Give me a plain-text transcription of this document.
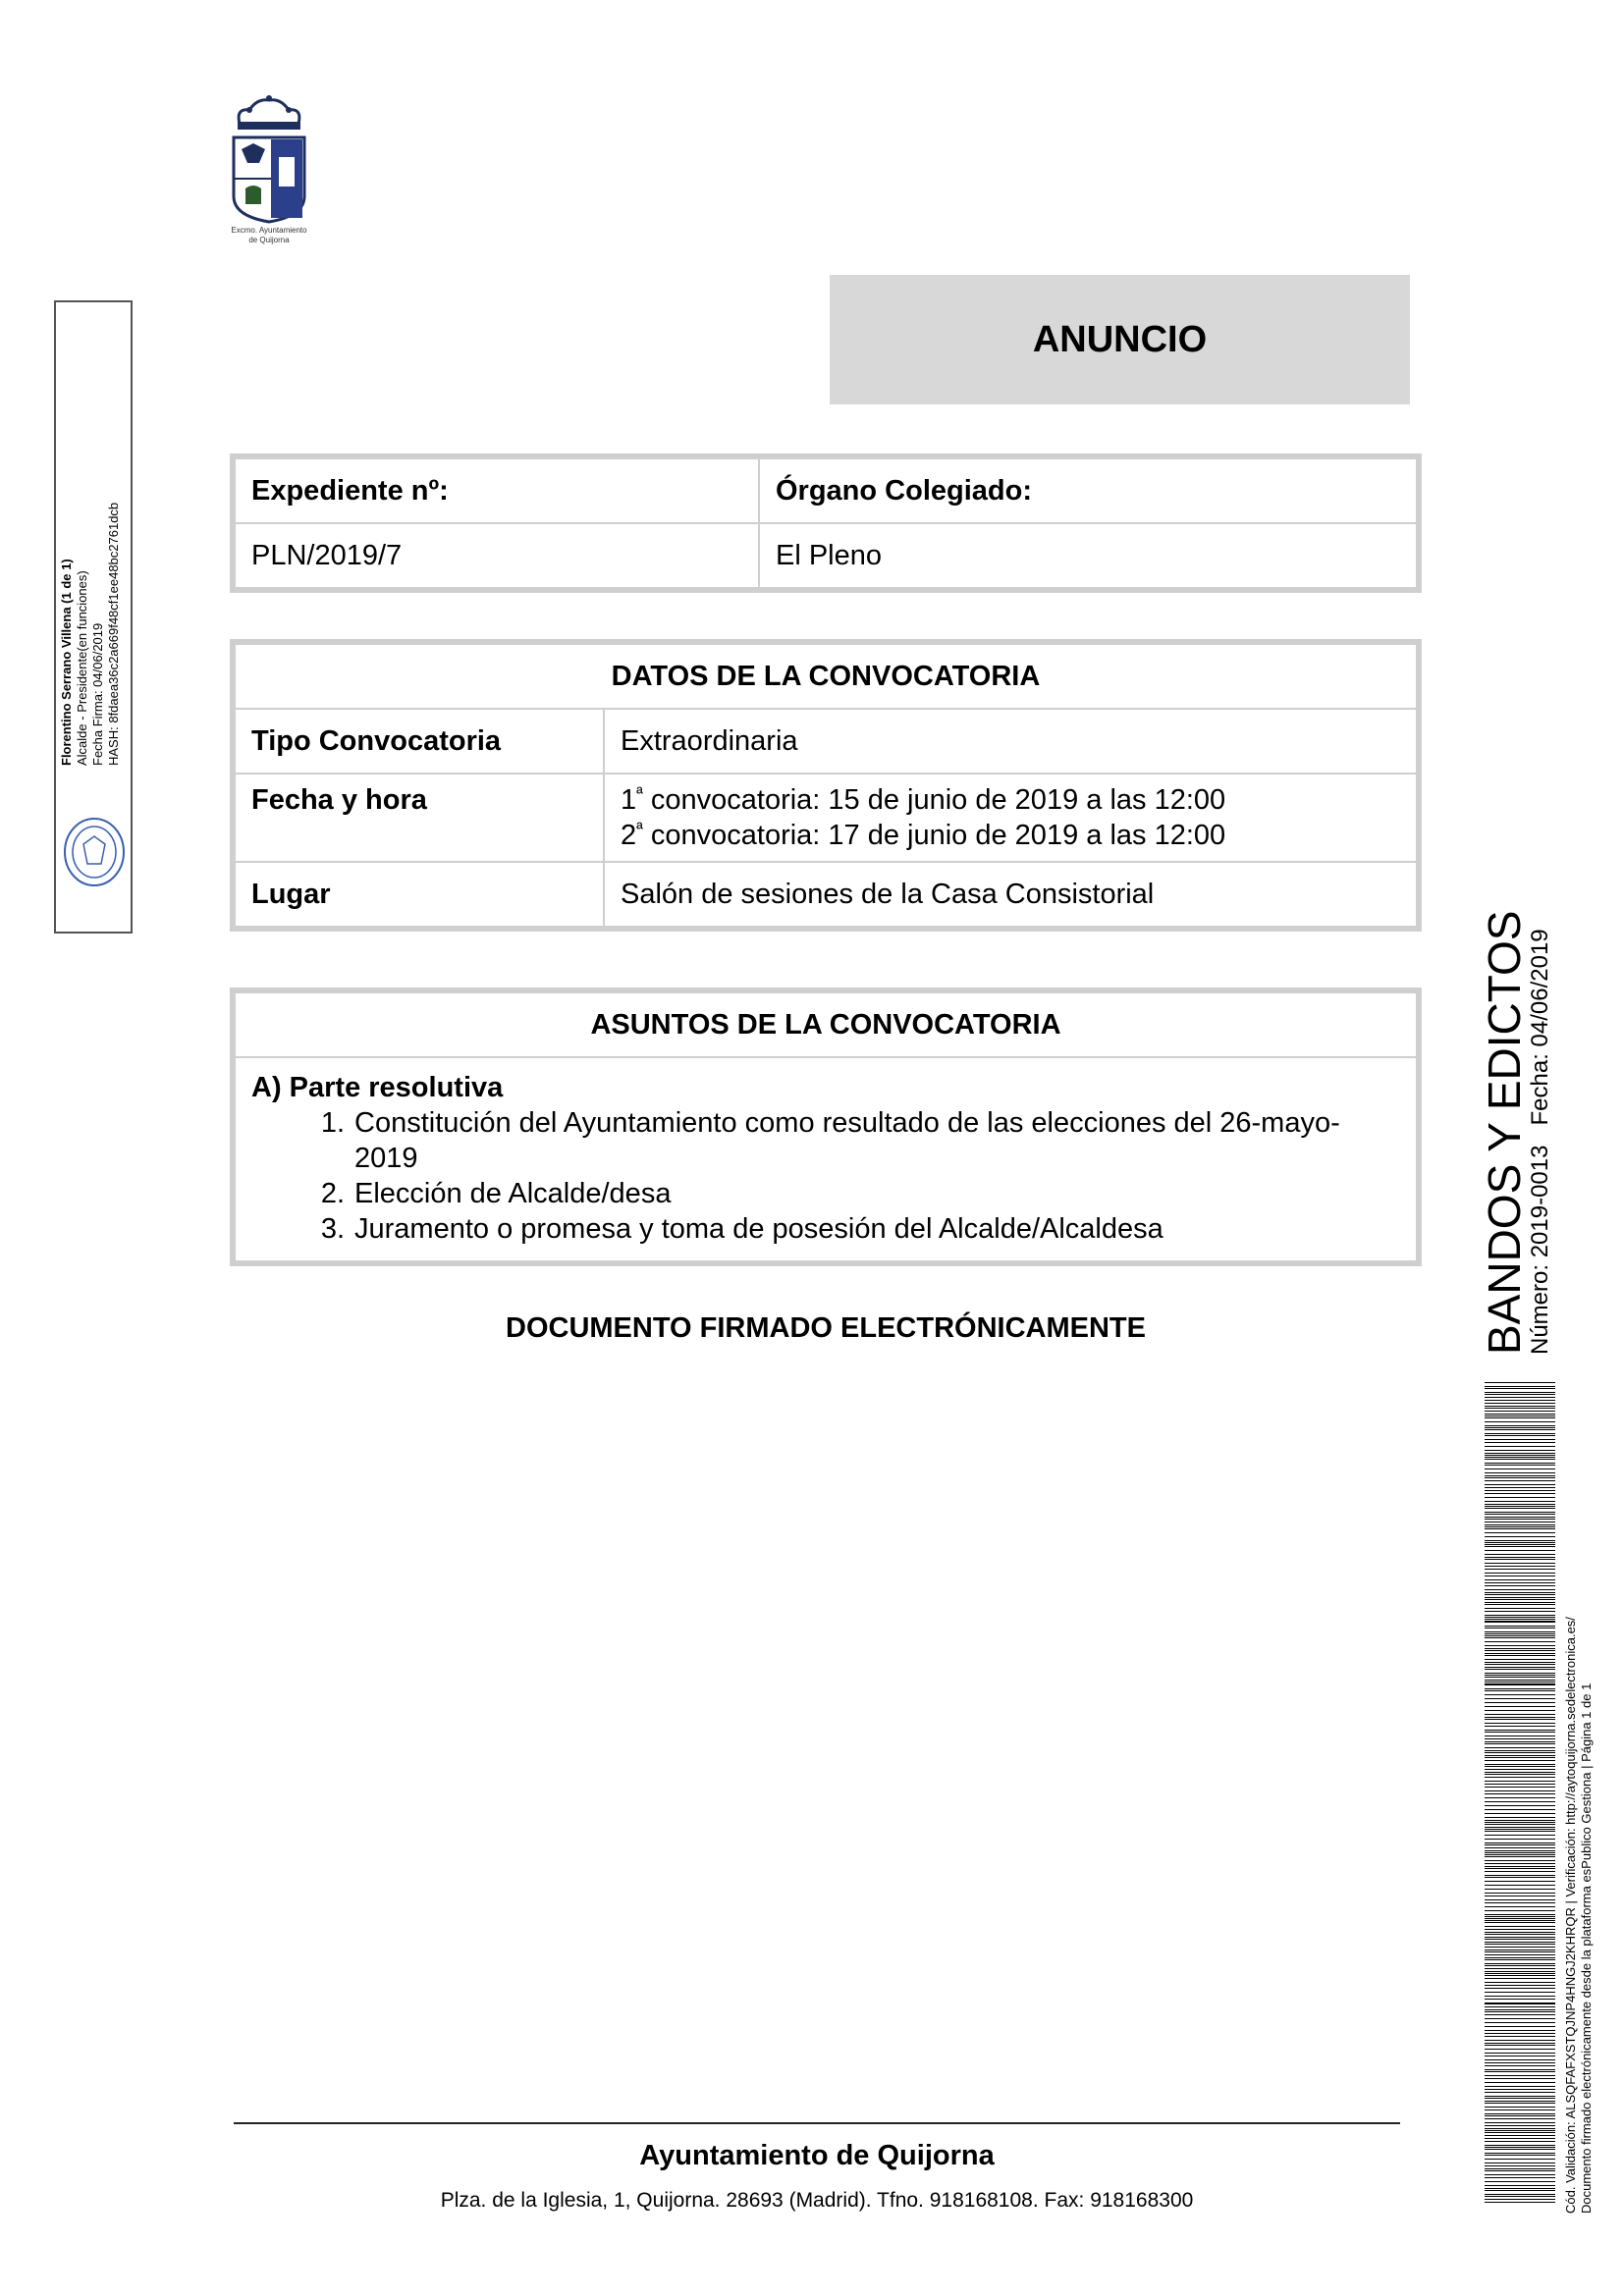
Excmo. Ayuntamiento
de Quijorna
Florentino Serrano Villena (1 de 1) Alcalde - Presidente(en funciones) Fecha Firma: 04/06/2019 HASH: 8fdaea36c2a669f48cf1ee48bc2761dcb
ANUNCIO
Expediente nº:	Órgano Colegiado:
PLN/2019/7	El Pleno
DATOS DE LA CONVOCATORIA	
Tipo Convocatoria	Extraordinaria
Fecha y hora	$1^ª$ convocatoria: 15 de junio de 2019 a las 12:00
$2^ª$ convocatoria: 17 de junio de 2019 a las 12:00

Lugar	Salón de sesiones de la Casa Consistorial
ASUNTOS DE LA CONVOCATORIA

A) Parte resolutiva
1. Constitución del Ayuntamiento como resultado de las elecciones del 26-mayo-2019
2. Elección de Alcalde/desa
3. Juramento o promesa y toma de posesión del Alcalde/Alcaldesa
DOCUMENTO FIRMADO ELECTRÓNICAMENTE
Ayuntamiento de Quijorna
Plza. de la Iglesia, 1, Quijorna. 28693 (Madrid). Tfno. 918168108. Fax: 918168300
BANDOS Y EDICTOS
Número: 2019-0013   Fecha: 04/06/2019
Cód. Validación: ALSQFAFXSTQJNP4HNGJ2KHRQR | Verificación: http://aytoquijorna.sedelectronica.es/ Documento firmado electrónicamente desde la plataforma esPublico Gestiona | Página 1 de 1
